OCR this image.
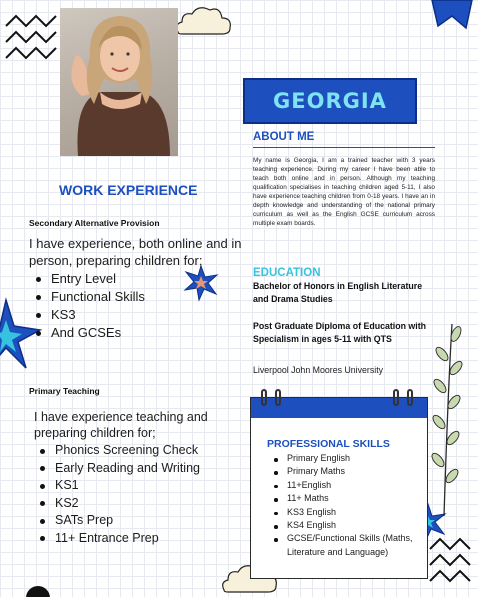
GEORGIA
ABOUT ME

My name is Georgia, I am a trained teacher with 3 years teaching experience. During my career I have been able to teach both online and in person. Although my teaching qualification specialises in teaching children aged 5-11, I also have experience teaching children from 0-18 years. I have an in depth knowledge and understanding of the national primary curriculum as well as the English GCSE curriculum across multiple exam boards.

WORK EXPERIENCE
Secondary Alternative Provision

I have experience, both online and in person, preparing children for;

Entry Level
Functional Skills
KS3
And GCSEs
Primary Teaching

I have experience teaching and preparing children for;

Phonics Screening Check
Early Reading and Writing
KS1
KS2
SATs Prep
11+ Entrance Prep
EDUCATION
Bachelor of Honors in English Literature and Drama Studies
Post Graduate Diploma of Education with Specialism in ages 5-11 with QTS
Liverpool John Moores University
PROFESSIONAL SKILLS
Primary English
Primary Maths
11+English
11+ Maths
KS3 English
KS4 English
GCSE/Functional Skills (Maths, Literature and Language)
